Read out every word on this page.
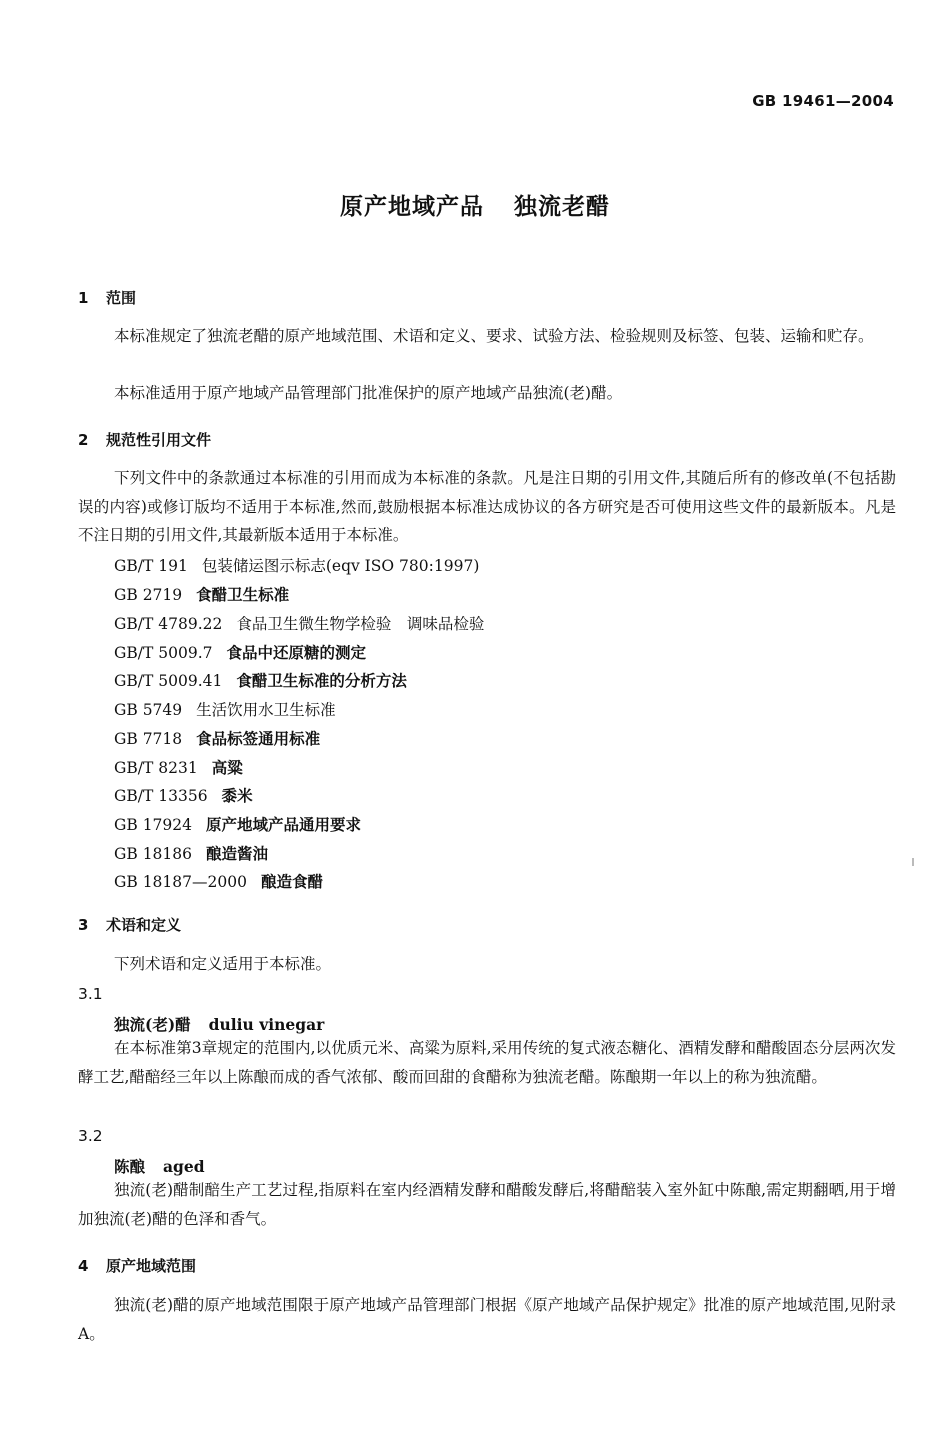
GB 19461—2004
原产地域产品 独流老醋
1 范围

本标准规定了独流老醋的原产地域范围、术语和定义、要求、试验方法、检验规则及标签、包装、运输和贮存。

本标准适用于原产地域产品管理部门批准保护的原产地域产品独流(老)醋。

2 规范性引用文件

下列文件中的条款通过本标准的引用而成为本标准的条款。凡是注日期的引用文件,其随后所有的修改单(不包括勘误的内容)或修订版均不适用于本标准,然而,鼓励根据本标准达成协议的各方研究是否可使用这些文件的最新版本。凡是不注日期的引用文件,其最新版本适用于本标准。

GB/T 191 包装储运图示标志(eqv ISO 780:1997)
GB 2719 食醋卫生标准
GB/T 4789.22 食品卫生微生物学检验　调味品检验
GB/T 5009.7 食品中还原糖的测定
GB/T 5009.41 食醋卫生标准的分析方法
GB 5749 生活饮用水卫生标准
GB 7718 食品标签通用标准
GB/T 8231 高粱
GB/T 13356 黍米
GB 17924 原产地域产品通用要求
GB 18186 酿造酱油
GB 18187—2000 酿造食醋
3 术语和定义

下列术语和定义适用于本标准。

3.1
独流(老)醋 duliu vinegar

在本标准第3章规定的范围内,以优质元米、高粱为原料,采用传统的复式液态糖化、酒精发酵和醋酸固态分层两次发酵工艺,醋醅经三年以上陈酿而成的香气浓郁、酸而回甜的食醋称为独流老醋。陈酿期一年以上的称为独流醋。

3.2
陈酿 aged

独流(老)醋制醅生产工艺过程,指原料在室内经酒精发酵和醋酸发酵后,将醋醅装入室外缸中陈酿,需定期翻晒,用于增加独流(老)醋的色泽和香气。

4 原产地域范围

独流(老)醋的原产地域范围限于原产地域产品管理部门根据《原产地域产品保护规定》批准的原产地域范围,见附录A。
